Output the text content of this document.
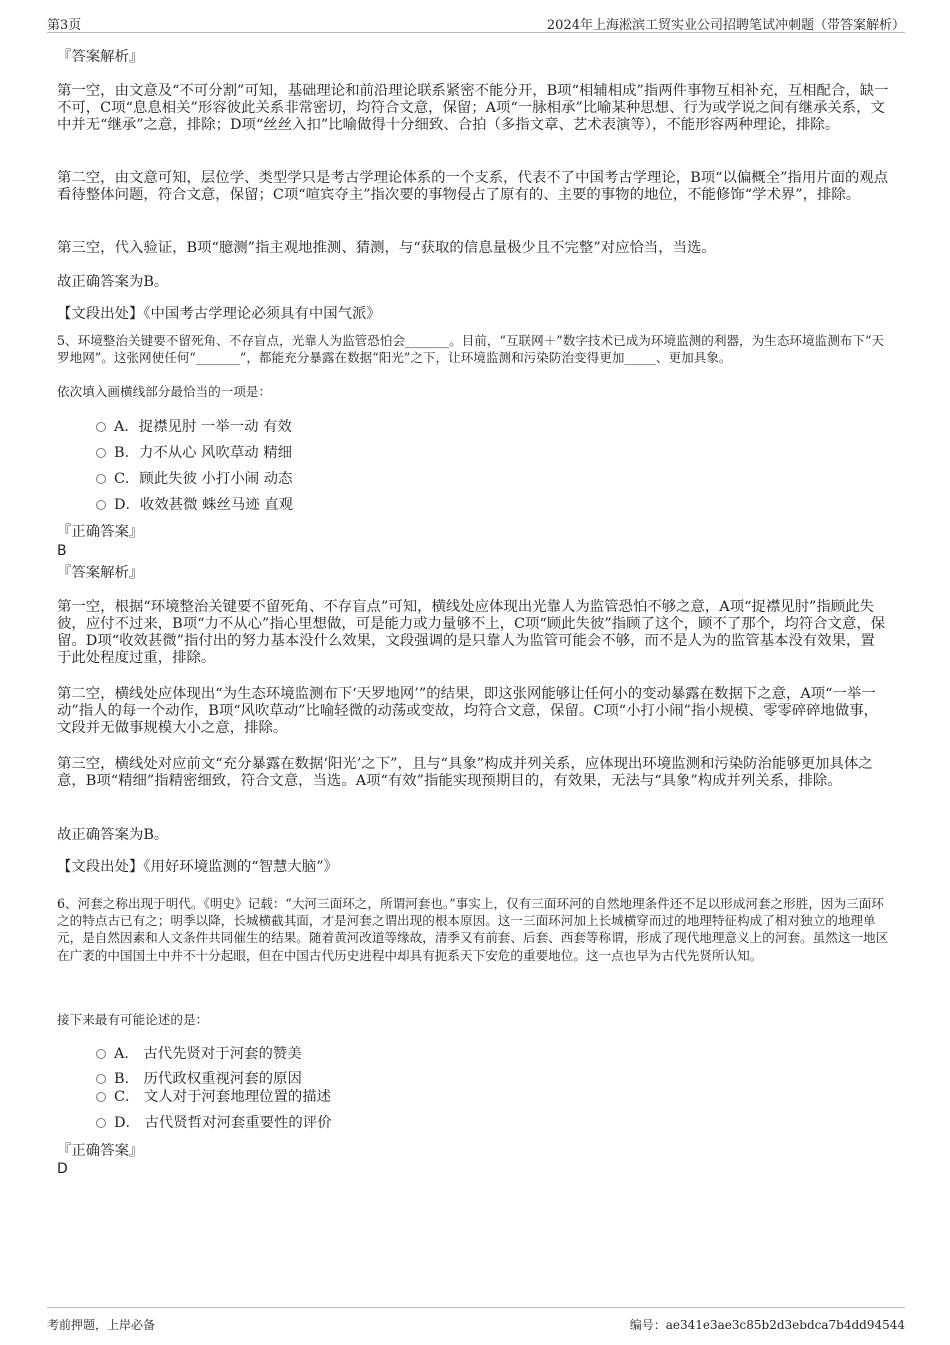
第3页	2024年上海淞滨工贸实业公司招聘笔试冲刺题（带答案解析）
『答案解析』
第一空，由文意及“不可分割”可知，基础理论和前沿理论联系紧密不能分开，B项“相辅相成”指两件事物互相补充，互相配合，缺一不可，C项“息息相关”形容彼此关系非常密切，均符合文意，保留；A项“一脉相承”比喻某种思想、行为或学说之间有继承关系，文中并无“继承”之意，排除；D项“丝丝入扣”比喻做得十分细致、合拍（多指文章、艺术表演等），不能形容两种理论，排除。
第二空，由文意可知，层位学、类型学只是考古学理论体系的一个支系，代表不了中国考古学理论，B项“以偏概全”指用片面的观点看待整体问题，符合文意，保留；C项“喧宾夺主”指次要的事物侵占了原有的、主要的事物的地位，不能修饰“学术界”，排除。
第三空，代入验证，B项“臆测”指主观地推测、猜测，与“获取的信息量极少且不完整”对应恰当，当选。
故正确答案为B。
【文段出处】《中国考古学理论必须具有中国气派》
5、环境整治关键要不留死角、不存盲点，光靠人为监管恐怕会_______。目前，“互联网＋”数字技术已成为环境监测的利器，为生态环境监测布下“天罗地网”。这张网使任何“_______”，都能充分暴露在数据“阳光”之下，让环境监测和污染防治变得更加_____、更加具象。
依次填入画横线部分最恰当的一项是：
A．捉襟见肘 一举一动 有效
B．力不从心 风吹草动 精细
C．顾此失彼 小打小闹 动态
D．收效甚微 蛛丝马迹 直观
『正确答案』
B
『答案解析』
第一空，根据“环境整治关键要不留死角、不存盲点”可知，横线处应体现出光靠人为监管恐怕不够之意，A项“捉襟见肘”指顾此失彼，应付不过来，B项“力不从心”指心里想做，可是能力或力量够不上，C项“顾此失彼”指顾了这个，顾不了那个，均符合文意，保留。D项“收效甚微”指付出的努力基本没什么效果，文段强调的是只靠人为监管可能会不够，而不是人为的监管基本没有效果，置于此处程度过重，排除。
第二空，横线处应体现出“为生态环境监测布下‘天罗地网’”的结果，即这张网能够让任何小的变动暴露在数据下之意，A项“一举一动”指人的每一个动作，B项“风吹草动”比喻轻微的动荡或变故，均符合文意，保留。C项“小打小闹”指小规模、零零碎碎地做事，文段并无做事规模大小之意，排除。
第三空，横线处对应前文“充分暴露在数据‘阳光’之下”，且与“具象”构成并列关系，应体现出环境监测和污染防治能够更加具体之意，B项“精细”指精密细致，符合文意，当选。A项“有效”指能实现预期目的，有效果，无法与“具象”构成并列关系，排除。
故正确答案为B。
【文段出处】《用好环境监测的“智慧大脑”》
6、河套之称出现于明代。《明史》记载：“大河三面环之，所谓河套也。”事实上，仅有三面环河的自然地理条件还不足以形成河套之形胜，因为三面环之的特点古已有之；明季以降，长城横截其面，才是河套之谓出现的根本原因。这一三面环河加上长城横穿而过的地理特征构成了相对独立的地理单元，是自然因素和人文条件共同催生的结果。随着黄河改道等缘故，清季又有前套、后套、西套等称谓，形成了现代地理意义上的河套。虽然这一地区在广袤的中国国土中并不十分起眼，但在中国古代历史进程中却具有扼系天下安危的重要地位。这一点也早为古代先贤所认知。
接下来最有可能论述的是：
A． 古代先贤对于河套的赞美
B． 历代政权重视河套的原因
C． 文人对于河套地理位置的描述
D． 古代贤哲对河套重要性的评价
『正确答案』
D
考前押题，上岸必备	编号：ae341e3ae3c85b2d3ebdca7b4dd94544
